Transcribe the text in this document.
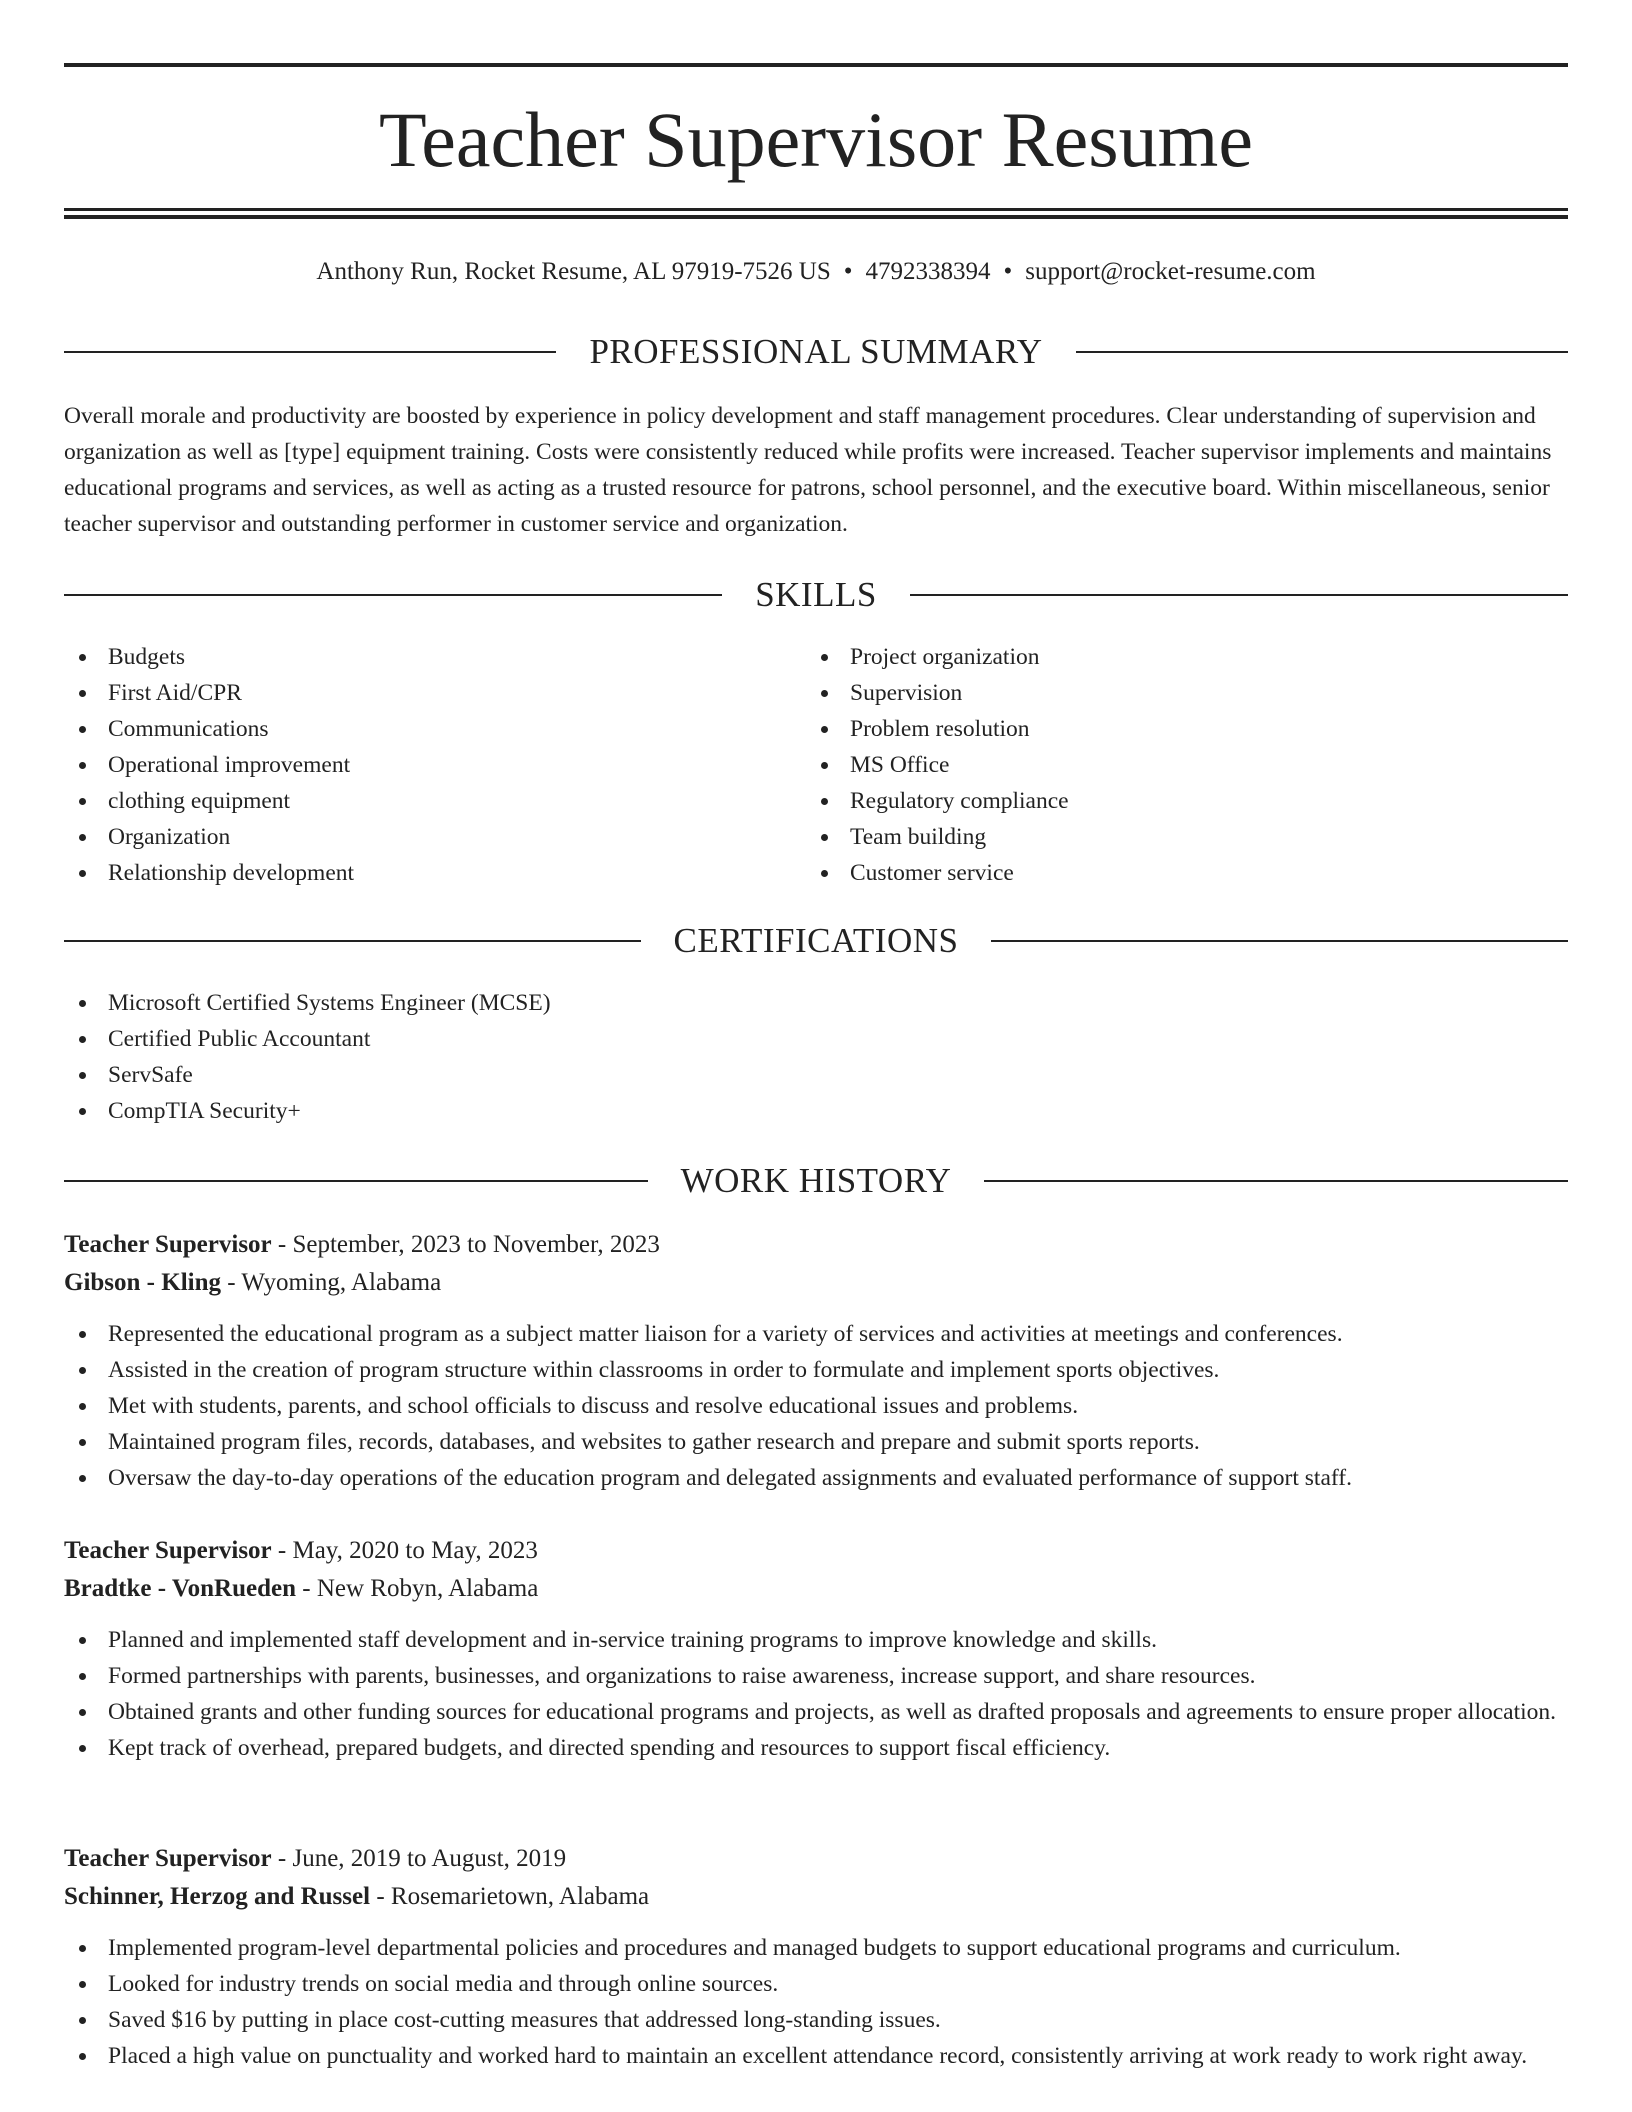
Teacher Supervisor Resume
Anthony Run, Rocket Resume, AL 97919-7526 US • 4792338394 • support@rocket-resume.com
PROFESSIONAL SUMMARY

Overall morale and productivity are boosted by experience in policy development and staff management procedures. Clear understanding of supervision and organization as well as [type] equipment training. Costs were consistently reduced while profits were increased. Teacher supervisor implements and maintains educational programs and services, as well as acting as a trusted resource for patrons, school personnel, and the executive board. Within miscellaneous, senior teacher supervisor and outstanding performer in customer service and organization.

SKILLS
Budgets
First Aid/CPR
Communications
Operational improvement
clothing equipment
Organization
Relationship development
Project organization
Supervision
Problem resolution
MS Office
Regulatory compliance
Team building
Customer service
CERTIFICATIONS
Microsoft Certified Systems Engineer (MCSE)
Certified Public Accountant
ServSafe
CompTIA Security+
WORK HISTORY
Teacher Supervisor - September, 2023 to November, 2023
Gibson - Kling - Wyoming, Alabama
Represented the educational program as a subject matter liaison for a variety of services and activities at meetings and conferences.
Assisted in the creation of program structure within classrooms in order to formulate and implement sports objectives.
Met with students, parents, and school officials to discuss and resolve educational issues and problems.
Maintained program files, records, databases, and websites to gather research and prepare and submit sports reports.
Oversaw the day-to-day operations of the education program and delegated assignments and evaluated performance of support staff.
Teacher Supervisor - May, 2020 to May, 2023
Bradtke - VonRueden - New Robyn, Alabama
Planned and implemented staff development and in-service training programs to improve knowledge and skills.
Formed partnerships with parents, businesses, and organizations to raise awareness, increase support, and share resources.
Obtained grants and other funding sources for educational programs and projects, as well as drafted proposals and agreements to ensure proper allocation.
Kept track of overhead, prepared budgets, and directed spending and resources to support fiscal efficiency.
Teacher Supervisor - June, 2019 to August, 2019
Schinner, Herzog and Russel - Rosemarietown, Alabama
Implemented program-level departmental policies and procedures and managed budgets to support educational programs and curriculum.
Looked for industry trends on social media and through online sources.
Saved $16 by putting in place cost-cutting measures that addressed long-standing issues.
Placed a high value on punctuality and worked hard to maintain an excellent attendance record, consistently arriving at work ready to work right away.
